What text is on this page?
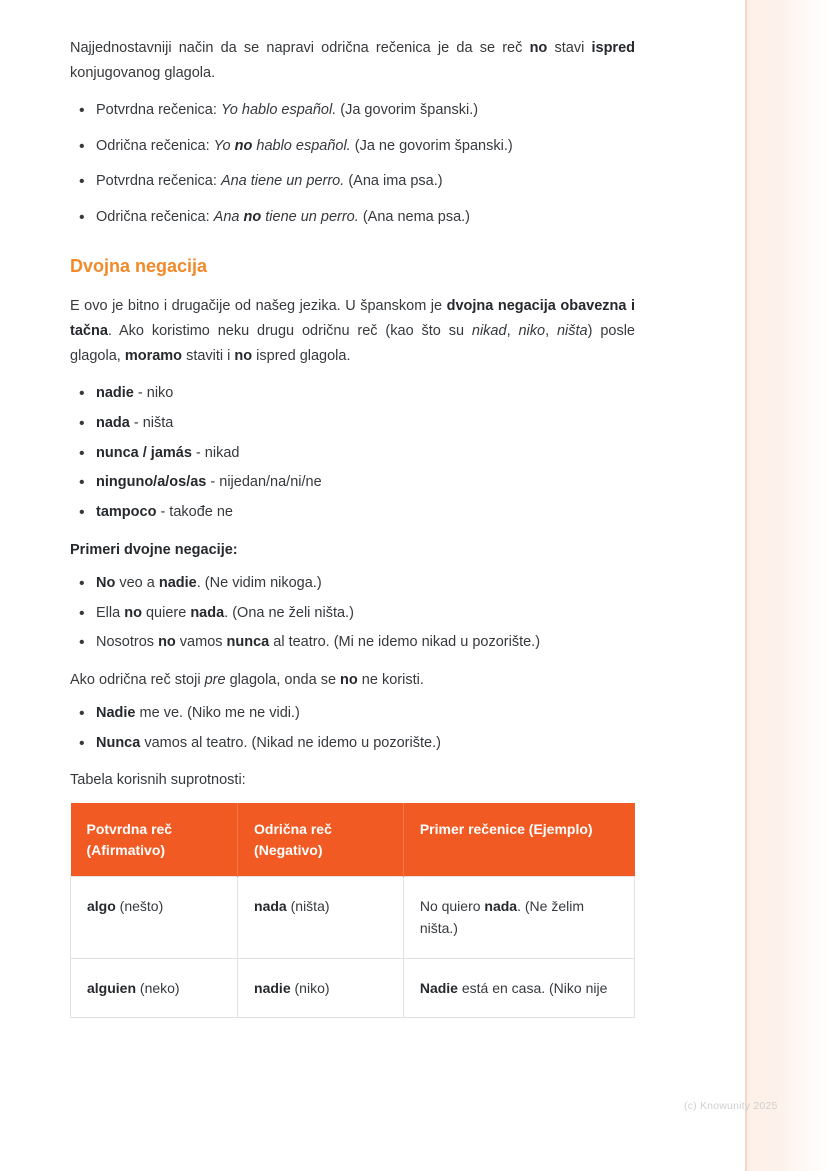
Najjednostavniji način da se napravi odrična rečenica je da se reč no stavi ispred konjugovanog glagola.

• Potvrdna rečenica: Yo hablo español. (Ja govorim španski.)
• Odrična rečenica: Yo no hablo español. (Ja ne govorim španski.)
• Potvrdna rečenica: Ana tiene un perro. (Ana ima psa.)
• Odrična rečenica: Ana no tiene un perro. (Ana nema psa.)
Dvojna negacija

E ovo je bitno i drugačije od našeg jezika. U španskom je dvojna negacija obavezna i tačna. Ako koristimo neku drugu odričnu reč (kao što su nikad, niko, ništa) posle glagola, moramo staviti i no ispred glagola.

• nadie - niko
• nada - ništa
• nunca / jamás - nikad
• ninguno/a/os/as - nijedan/na/ni/ne
• tampoco - takođe ne

Primeri dvojne negacije:

• No veo a nadie. (Ne vidim nikoga.)
• Ella no quiere nada. (Ona ne želi ništa.)
• Nosotros no vamos nunca al teatro. (Mi ne idemo nikad u pozorište.)

Ako odrična reč stoji pre glagola, onda se no ne koristi.

• Nadie me ve. (Niko me ne vidi.)
• Nunca vamos al teatro. (Nikad ne idemo u pozorište.)

Tabela korisnih suprotnosti:

Potvrdna reč (Afirmativo)	Odrična reč (Negativo)	Primer rečenice (Ejemplo)
algo (nešto)	nada (ništa)	No quiero nada. (Ne želim ništa.)
alguien (neko)	nadie (niko)	Nadie está en casa. (Niko nije
(c) Knowunity 2025
